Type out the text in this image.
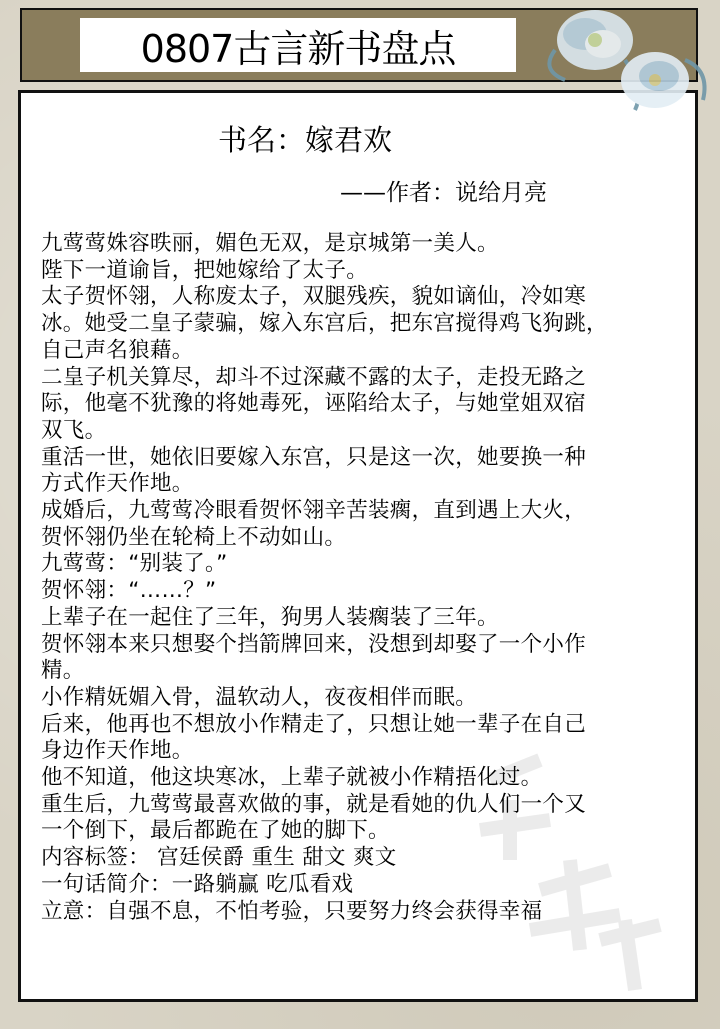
0807古言新书盘点
书名：嫁君欢
——作者：说给月亮
九莺莺姝容昳丽，媚色无双，是京城第一美人。
陛下一道谕旨，把她嫁给了太子。
太子贺怀翎，人称废太子，双腿残疾，貌如谪仙，冷如寒
冰。她受二皇子蒙骗，嫁入东宫后，把东宫搅得鸡飞狗跳，
自己声名狼藉。
二皇子机关算尽，却斗不过深藏不露的太子，走投无路之
际，他毫不犹豫的将她毒死，诬陷给太子，与她堂姐双宿
双飞。
重活一世，她依旧要嫁入东宫，只是这一次，她要换一种
方式作天作地。
成婚后，九莺莺冷眼看贺怀翎辛苦装瘸，直到遇上大火，
贺怀翎仍坐在轮椅上不动如山。
九莺莺：“别装了。”
贺怀翎：“……？”
上辈子在一起住了三年，狗男人装瘸装了三年。
贺怀翎本来只想娶个挡箭牌回来，没想到却娶了一个小作
精。
小作精妩媚入骨，温软动人，夜夜相伴而眠。
后来，他再也不想放小作精走了，只想让她一辈子在自己
身边作天作地。
他不知道，他这块寒冰，上辈子就被小作精捂化过。
重生后，九莺莺最喜欢做的事，就是看她的仇人们一个又
一个倒下，最后都跪在了她的脚下。
内容标签： 宫廷侯爵 重生 甜文 爽文
一句话简介：一路躺赢 吃瓜看戏
立意：自强不息，不怕考验，只要努力终会获得幸福
